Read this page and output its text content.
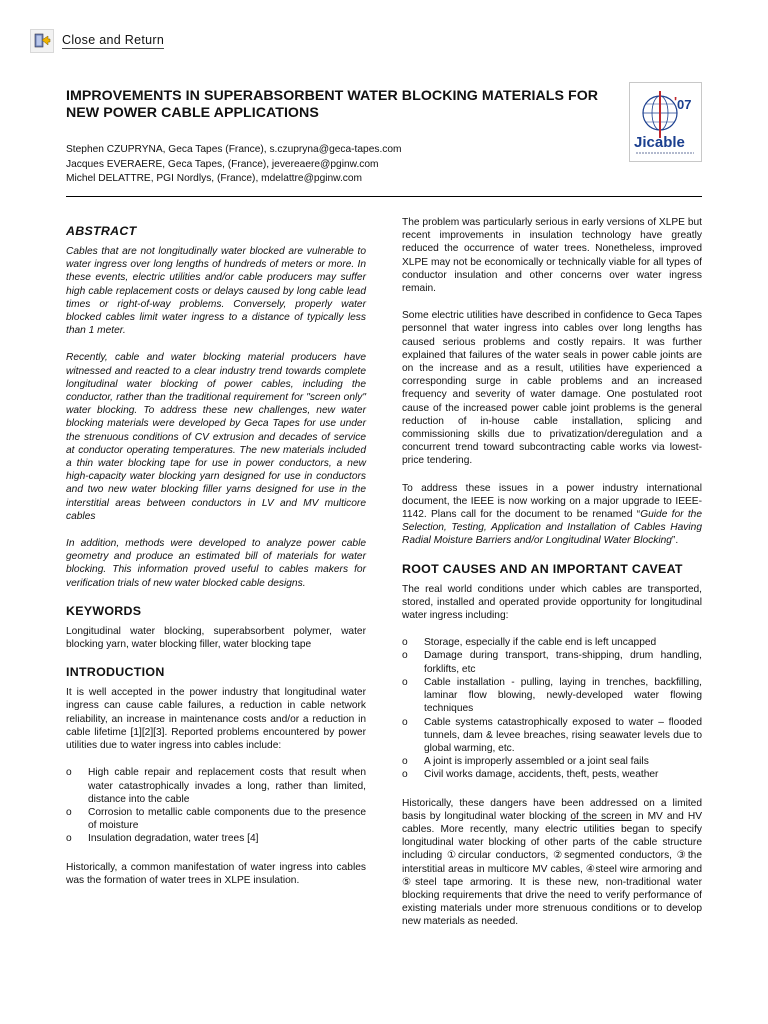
Close and Return
IMPROVEMENTS IN SUPERABSORBENT WATER BLOCKING MATERIALS FOR NEW POWER CABLE APPLICATIONS
Stephen CZUPRYNA, Geca Tapes (France), s.czupryna@geca-tapes.com
Jacques EVERAERE, Geca Tapes, (France), jevereaere@pginw.com
Michel DELATTRE, PGI Nordlys, (France), mdelattre@pginw.com
' 07
Jicable
ABSTRACT

Cables that are not longitudinally water blocked are vulnerable to water ingress over long lengths of hundreds of meters or more. In these events, electric utilities and/or cable producers may suffer high cable replacement costs or delays caused by long cable lead times or right-of-way problems. Conversely, properly water blocked cables limit water ingress to a distance of typically less than 1 meter.

Recently, cable and water blocking material producers have witnessed and reacted to a clear industry trend towards complete longitudinal water blocking of power cables, including the conductor, rather than the traditional requirement for "screen only" water blocking. To address these new challenges, new water blocking materials were developed by Geca Tapes for use under the strenuous conditions of CV extrusion and decades of service at conductor operating temperatures. The new materials included a thin water blocking tape for use in power conductors, a new high-capacity water blocking yarn designed for use in conductors and two new water blocking filler yarns designed for use in the interstitial areas between conductors in LV and MV multicore cables

In addition, methods were developed to analyze power cable geometry and produce an estimated bill of materials for water blocking. This information proved useful to cables makers for verification trials of new water blocked cable designs.

KEYWORDS

Longitudinal water blocking, superabsorbent polymer, water blocking yarn, water blocking filler, water blocking tape

INTRODUCTION

It is well accepted in the power industry that longitudinal water ingress can cause cable failures, a reduction in cable network reliability, an increase in maintenance costs and/or a reduction in cable lifetime [1][2][3]. Reported problems encountered by power utilities due to water ingress into cables include:

o High cable repair and replacement costs that result when water catastrophically invades a long, rather than limited, distance into the cable
o Corrosion to metallic cable components due to the presence of moisture
o Insulation degradation, water trees [4]

Historically, a common manifestation of water ingress into cables was the formation of water trees in XLPE insulation.

The problem was particularly serious in early versions of XLPE but recent improvements in insulation technology have greatly reduced the occurrence of water trees. Nonetheless, improved XLPE may not be economically or technically viable for all types of conductor insulation and other concerns over water ingress remain.

Some electric utilities have described in confidence to Geca Tapes personnel that water ingress into cables over long lengths has caused serious problems and costly repairs. It was further explained that failures of the water seals in power cable joints are on the increase and as a result, utilities have experienced a corresponding surge in cable problems and an increased frequency and severity of water damage. One postulated root cause of the increased power cable joint problems is the general reduction of in-house cable installation, splicing and commissioning skills due to privatization/deregulation and a concurrent trend toward subcontracting cable works via lowest-price tendering.

To address these issues in a power industry international document, the IEEE is now working on a major upgrade to IEEE-1142. Plans call for the document to be renamed “Guide for the Selection, Testing, Application and Installation of Cables Having Radial Moisture Barriers and/or Longitudinal Water Blocking”.

ROOT CAUSES AND AN IMPORTANT CAVEAT

The real world conditions under which cables are transported, stored, installed and operated provide opportunity for longitudinal water ingress including:

o Storage, especially if the cable end is left uncapped
o Damage during transport, trans-shipping, drum handling, forklifts, etc
o Cable installation - pulling, laying in trenches, backfilling, laminar flow blowing, newly-developed water flowing techniques
o Cable systems catastrophically exposed to water – flooded tunnels, dam & levee breaches, rising seawater levels due to global warming, etc.
o A joint is improperly assembled or a joint seal fails
o Civil works damage, accidents, theft, pests, weather

Historically, these dangers have been addressed on a limited basis by longitudinal water blocking of the screen in MV and HV cables. More recently, many electric utilities began to specify longitudinal water blocking of other parts of the cable structure including ①circular conductors, ②segmented conductors, ③the interstitial areas in multicore MV cables, ④steel wire armoring and ⑤steel tape armoring. It is these new, non-traditional water blocking requirements that drive the need to verify performance of existing materials under more strenuous conditions or to develop new materials as needed.
